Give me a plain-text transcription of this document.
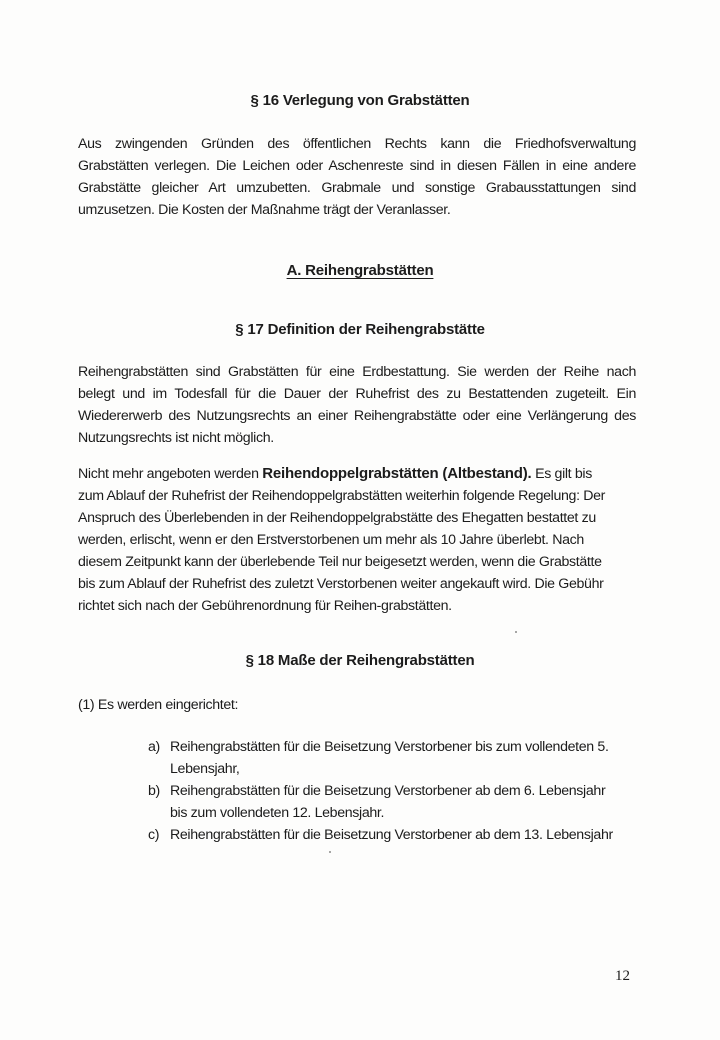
§ 16 Verlegung von Grabstätten
Aus zwingenden Gründen des öffentlichen Rechts kann die Friedhofsverwaltung
Grabstätten verlegen. Die Leichen oder Aschenreste sind in diesen Fällen in eine andere
Grabstätte gleicher Art umzubetten. Grabmale und sonstige Grabausstattungen sind
umzusetzen. Die Kosten der Maßnahme trägt der Veranlasser.
A. Reihengrabstätten
§ 17 Definition der Reihengrabstätte
Reihengrabstätten sind Grabstätten für eine Erdbestattung. Sie werden der Reihe nach
belegt und im Todesfall für die Dauer der Ruhefrist des zu Bestattenden zugeteilt. Ein
Wiedererwerb des Nutzungsrechts an einer Reihengrabstätte oder eine Verlängerung des
Nutzungsrechts ist nicht möglich.
Nicht mehr angeboten werden Reihendoppelgrabstätten (Altbestand). Es gilt bis
zum Ablauf der Ruhefrist der Reihendoppelgrabstätten weiterhin folgende Regelung: Der
Anspruch des Überlebenden in der Reihendoppelgrabstätte des Ehegatten bestattet zu
werden, erlischt, wenn er den Erstverstorbenen um mehr als 10 Jahre überlebt. Nach
diesem Zeitpunkt kann der überlebende Teil nur beigesetzt werden, wenn die Grabstätte
bis zum Ablauf der Ruhefrist des zuletzt Verstorbenen weiter angekauft wird. Die Gebühr
richtet sich nach der Gebührenordnung für Reihen-grabstätten.
§ 18 Maße der Reihengrabstätten
(1) Es werden eingerichtet:
a) Reihengrabstätten für die Beisetzung Verstorbener bis zum vollendeten 5.
Lebensjahr,
b) Reihengrabstätten für die Beisetzung Verstorbener ab dem 6. Lebensjahr
bis zum vollendeten 12. Lebensjahr.
c) Reihengrabstätten für die Beisetzung Verstorbener ab dem 13. Lebensjahr
12
